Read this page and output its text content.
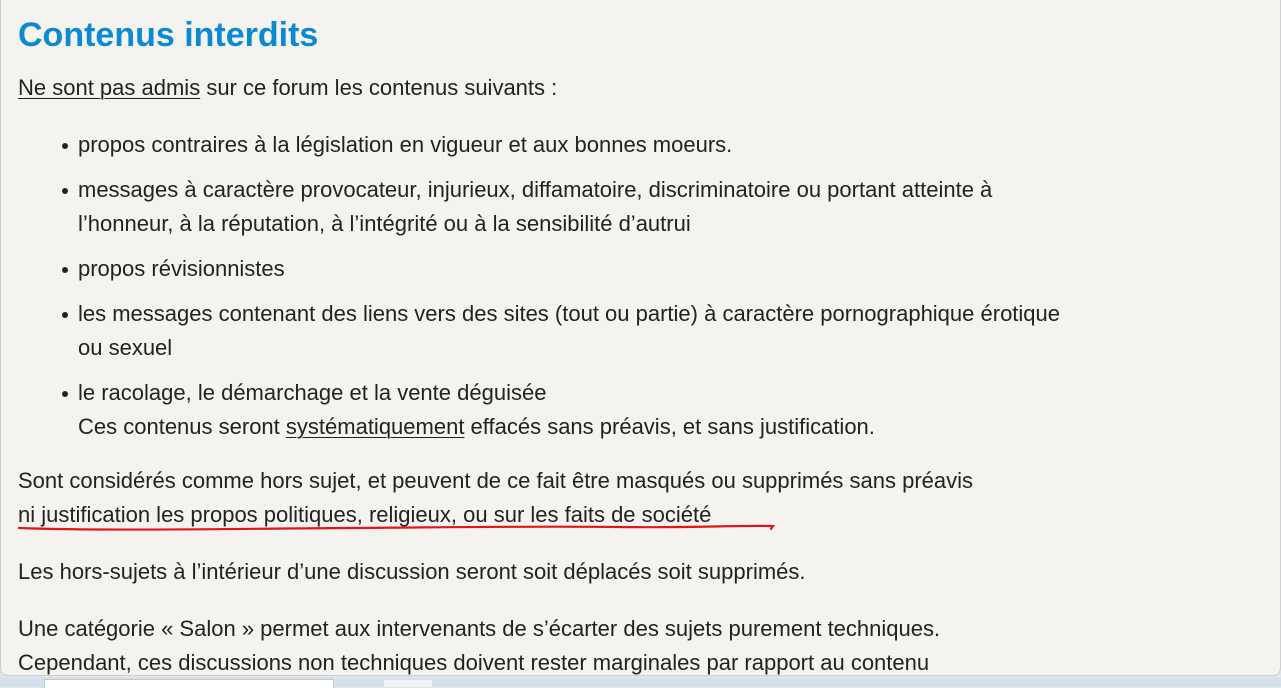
Contenus interdits

Ne sont pas admis sur ce forum les contenus suivants :

propos contraires à la législation en vigueur et aux bonnes moeurs.
messages à caractère provocateur, injurieux, diffamatoire, discriminatoire ou portant atteinte à l’honneur, à la réputation, à l’intégrité ou à la sensibilité d’autrui
propos révisionnistes
les messages contenant des liens vers des sites (tout ou partie) à caractère pornographique érotique ou sexuel
le racolage, le démarchage et la vente déguisée
Ces contenus seront systématiquement effacés sans préavis, et sans justification.

Sont considérés comme hors sujet, et peuvent de ce fait être masqués ou supprimés sans préavis
ni justification les propos politiques, religieux, ou sur les faits de société

Les hors-sujets à l’intérieur d’une discussion seront soit déplacés soit supprimés.

Une catégorie « Salon » permet aux intervenants de s’écarter des sujets purement techniques.
Cependant, ces discussions non techniques doivent rester marginales par rapport au contenu
